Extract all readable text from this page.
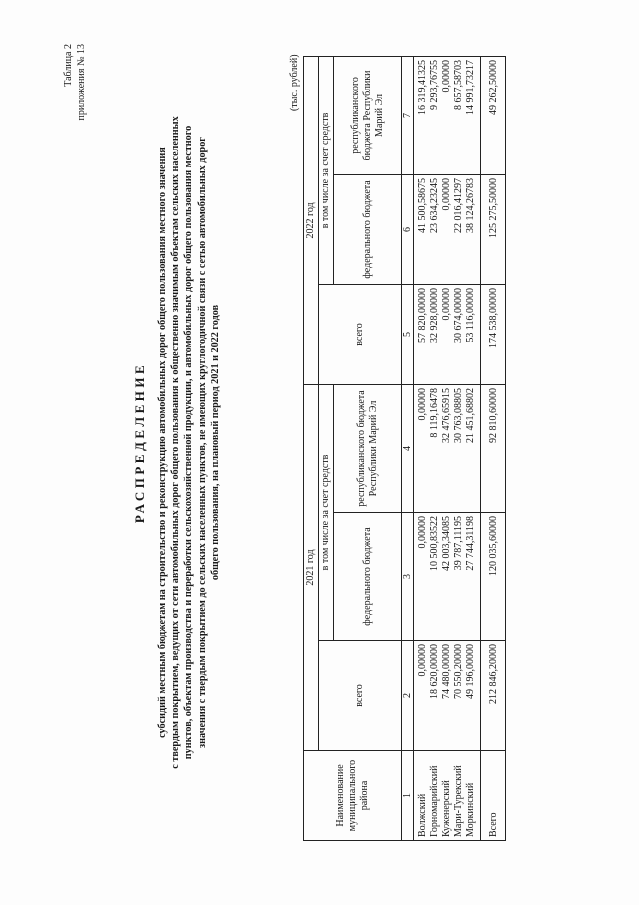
Таблица 2 приложения № 13
РАСПРЕДЕЛЕНИЕ субсидий местным бюджетам на строительство и реконструкцию автомобильных дорог общего пользования местного значения с твердым покрытием, ведущих от сети автомобильных дорог общего пользования к общественно значимым объектам сельских населенных пунктов, объектам производства и переработки сельскохозяйственной продукции, и автомобильных дорог общего пользования местного значения с твердым покрытием до сельских населенных пунктов, не имеющих круглогодичной связи с сетью автомобильных дорог общего пользования, на плановый период 2021 и 2022 годов
(тыс. рублей)
Наименование муниципального района	2021 год			2022 год		
	всего	в том числе за счет средств		всего	в том числе за счет средств	
		федерального бюджета	республиканского бюджета Республики Марий Эл		федерального бюджета	республиканского бюджета Республики Марий Эл
1	2	3	4	5	6	7
Волжский	0,00000	0,00000	0,00000	57 820,00000	41 500,58675	16 319,41325
Горномарийский	18 620,00000	10 500,83522	8 119,16478	32 928,00000	23 634,23245	9 293,76755
Куженерский	74 480,00000	42 003,34085	32 476,65915	0,00000	0,00000	0,00000
Мари-Турекский	70 550,20000	39 787,11195	30 763,08805	30 674,00000	22 016,41297	8 657,58703
Моркинский	49 196,00000	27 744,31198	21 451,68802	53 116,00000	38 124,26783	14 991,73217
Всего	212 846,20000	120 035,60000	92 810,60000	174 538,00000	125 275,50000	49 262,50000
